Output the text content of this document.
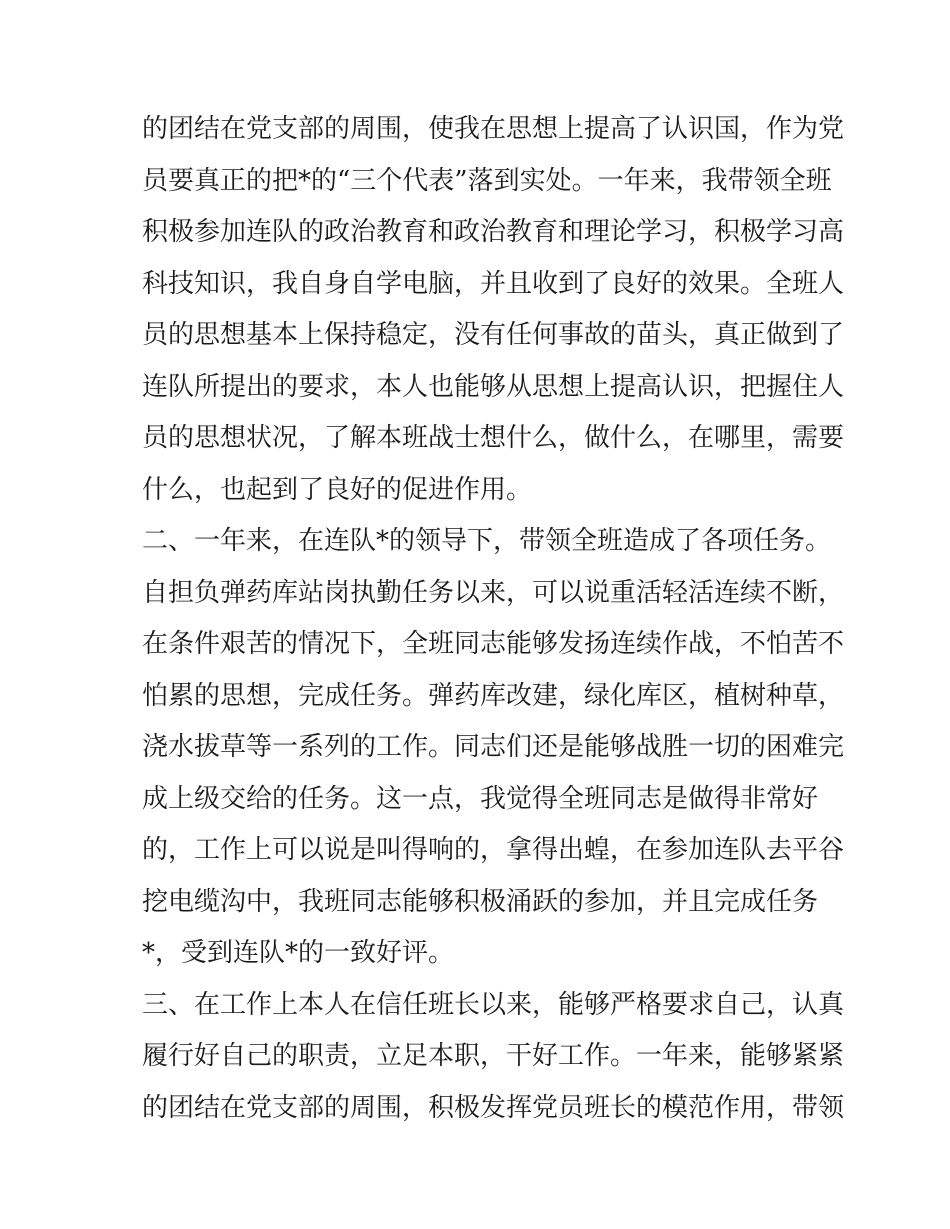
的团结在党支部的周围，使我在思想上提高了认识国，作为党
员要真正的把*的“三个代表”落到实处。一年来，我带领全班
积极参加连队的政治教育和政治教育和理论学习，积极学习高
科技知识，我自身自学电脑，并且收到了良好的效果。全班人
员的思想基本上保持稳定，没有任何事故的苗头，真正做到了
连队所提出的要求，本人也能够从思想上提高认识，把握住人
员的思想状况，了解本班战士想什么，做什么，在哪里，需要
什么，也起到了良好的促进作用。
二、一年来，在连队*的领导下，带领全班造成了各项任务。
自担负弹药库站岗执勤任务以来，可以说重活轻活连续不断，
在条件艰苦的情况下，全班同志能够发扬连续作战，不怕苦不
怕累的思想，完成任务。弹药库改建，绿化库区，植树种草，
浇水拔草等一系列的工作。同志们还是能够战胜一切的困难完
成上级交给的任务。这一点，我觉得全班同志是做得非常好
的，工作上可以说是叫得响的，拿得出蝗，在参加连队去平谷
挖电缆沟中，我班同志能够积极涌跃的参加，并且完成任务
*，受到连队*的一致好评。
三、在工作上本人在信任班长以来，能够严格要求自己，认真
履行好自己的职责，立足本职，干好工作。一年来，能够紧紧
的团结在党支部的周围，积极发挥党员班长的模范作用，带领
